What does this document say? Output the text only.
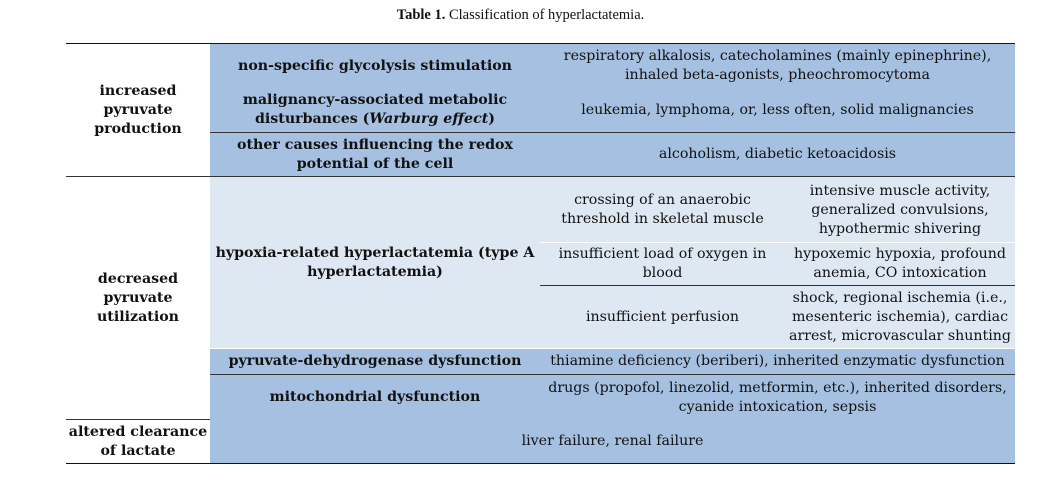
Table 1. Classification of hyperlactatemia.
increased
pyruvate
production
decreased
pyruvate
utilization
altered clearance
of lactate
non-specific glycolysis stimulation
respiratory alkalosis, catecholamines (mainly epinephrine),
inhaled beta-agonists, pheochromocytoma
malignancy-associated metabolic
disturbances (Warburg effect)
leukemia, lymphoma, or, less often, solid malignancies
other causes influencing the redox
potential of the cell
alcoholism, diabetic ketoacidosis
hypoxia-related hyperlactatemia (type A
hyperlactatemia)
crossing of an anaerobic
threshold in skeletal muscle
intensive muscle activity,
generalized convulsions,
hypothermic shivering
insufficient load of oxygen in
blood
hypoxemic hypoxia, profound
anemia, CO intoxication
insufficient perfusion
shock, regional ischemia (i.e.,
mesenteric ischemia), cardiac
arrest, microvascular shunting
pyruvate-dehydrogenase dysfunction	thiamine deficiency (beriberi), inherited enzymatic dysfunction
mitochondrial dysfunction
drugs (propofol, linezolid, metformin, etc.), inherited disorders,
cyanide intoxication, sepsis
liver failure, renal failure
